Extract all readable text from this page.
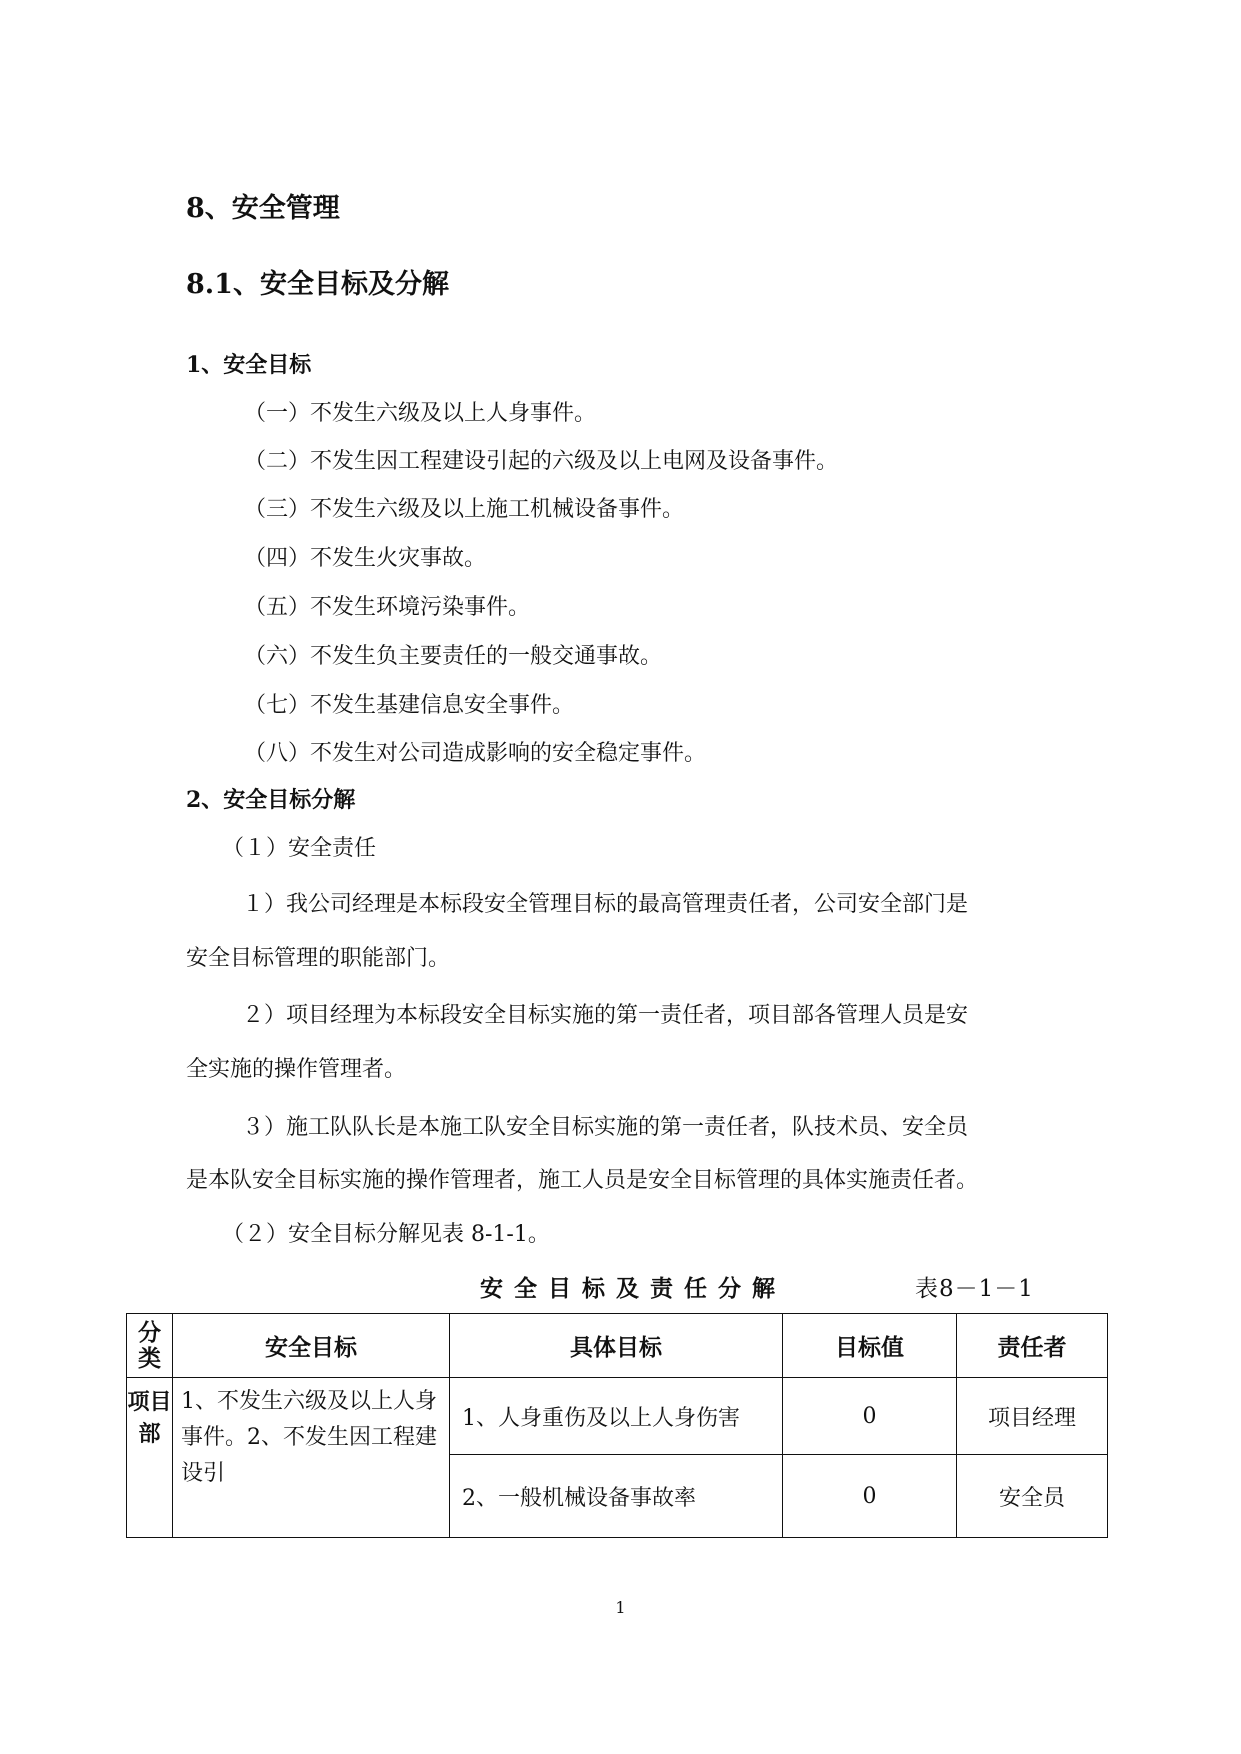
8、安全管理
8.1、安全目标及分解
1、安全目标
（一）不发生六级及以上人身事件。
（二）不发生因工程建设引起的六级及以上电网及设备事件。
（三）不发生六级及以上施工机械设备事件。
（四）不发生火灾事故。
（五）不发生环境污染事件。
（六）不发生负主要责任的一般交通事故。
（七）不发生基建信息安全事件。
（八）不发生对公司造成影响的安全稳定事件。
2、安全目标分解
（１）安全责任
１）我公司经理是本标段安全管理目标的最高管理责任者，公司安全部门是
安全目标管理的职能部门。
２）项目经理为本标段安全目标实施的第一责任者，项目部各管理人员是安
全实施的操作管理者。
３）施工队队长是本施工队安全目标实施的第一责任者，队技术员、安全员
是本队安全目标实施的操作管理者，施工人员是安全目标管理的具体实施责任者。
（２）安全目标分解见表 8-1-1。
安全目标及责任分解	表8－1－1
分类	安全目标	具体目标	目标值	责任者
项目部	1、不发生六级及以上人身事件。2、不发生因工程建设引	1、人身重伤及以上人身伤害	0	项目经理
		2、一般机械设备事故率	0	安全员
1
